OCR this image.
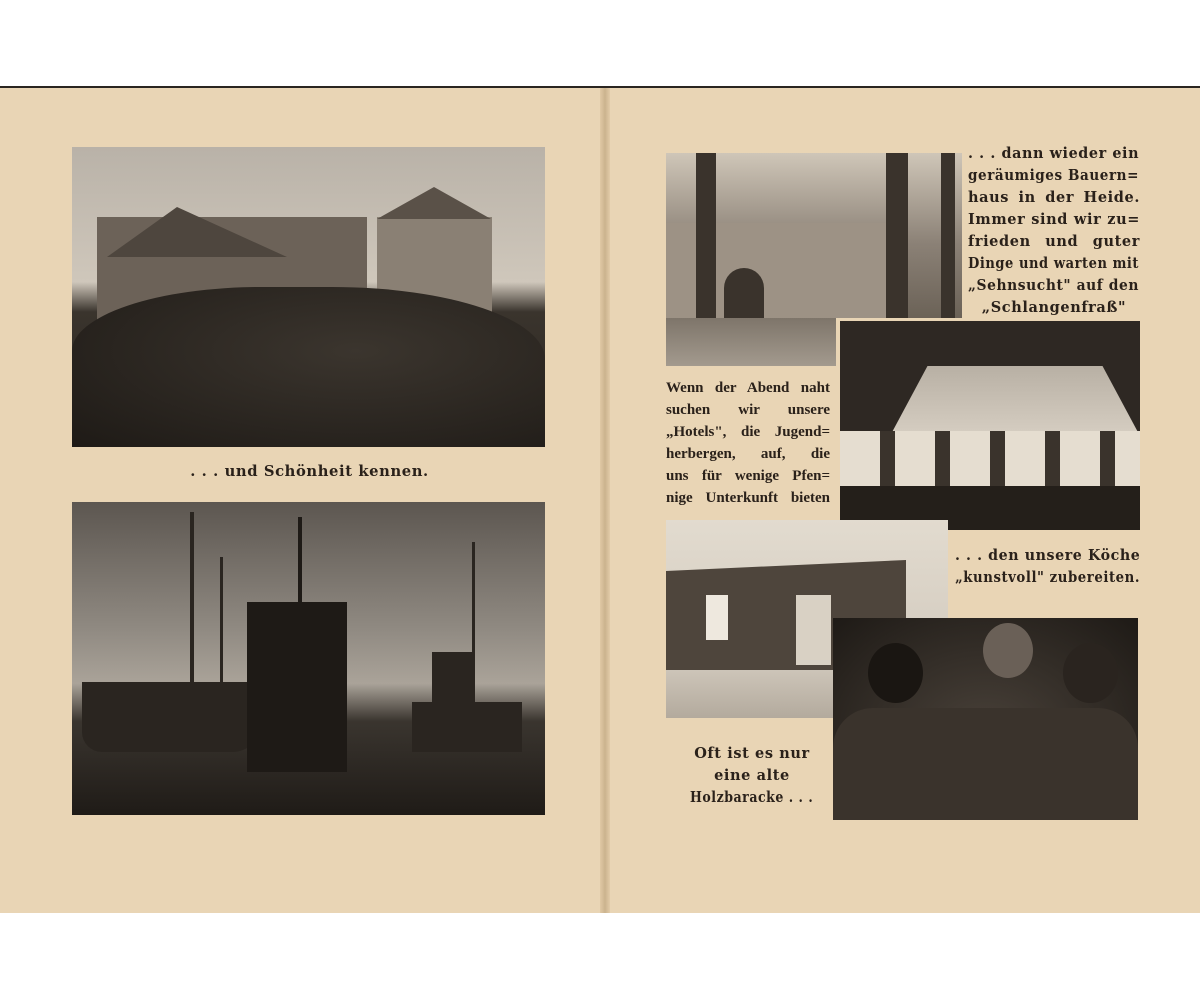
. . . und Schönheit kennen.
. . . dann wieder ein
geräumiges Bauern=
haus in der Heide.
Immer sind wir zu=
frieden und guter
Dinge und warten mit
„Sehnsucht" auf den
„Schlangenfraß"
Wenn der Abend naht
suchen wir unsere
„Hotels", die Jugend=
herbergen, auf, die
uns für wenige Pfen=
nige Unterkunft bieten
. . . den unsere Köche
„kunstvoll" zubereiten.
Oft ist es nur
eine alte
Holzbaracke . . .
